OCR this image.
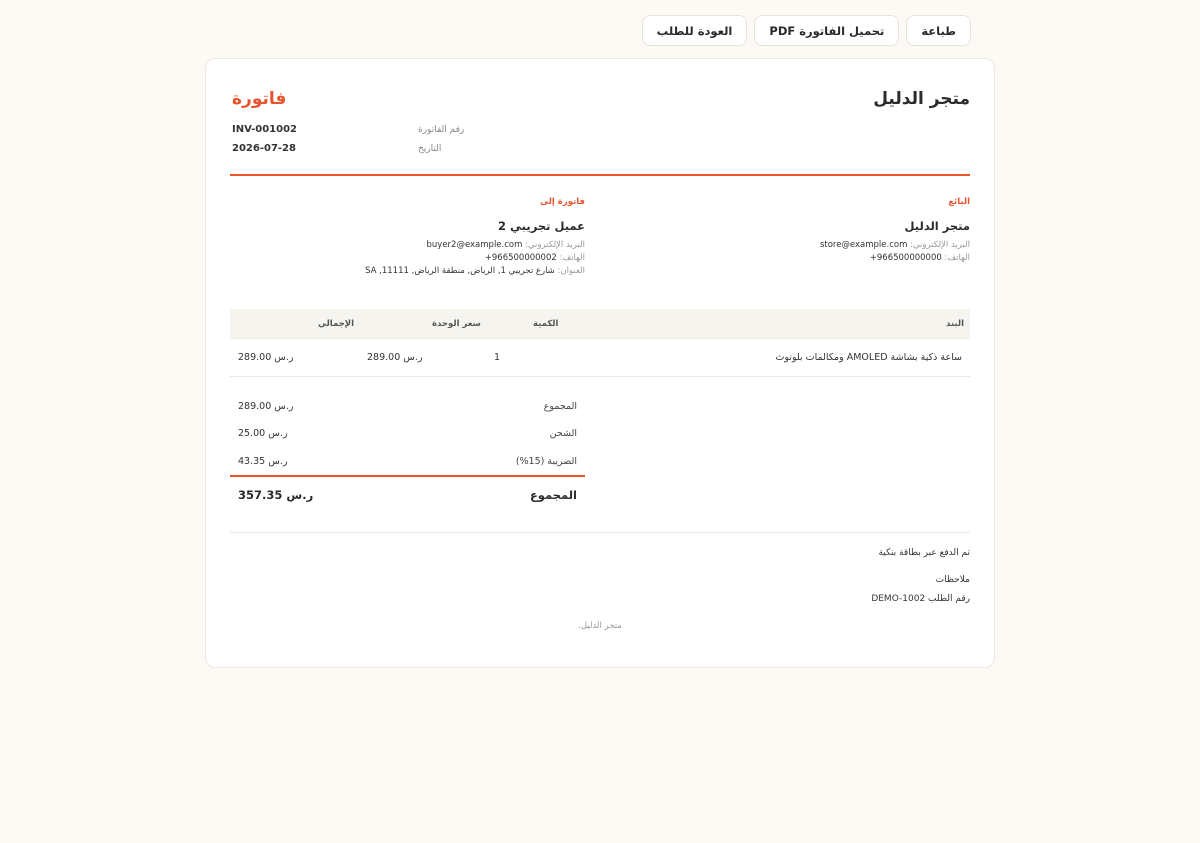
طباعة
تحميل الفاتورة PDF
العودة للطلب
متجر الدليل
فاتورة
INV-001002	رقم الفاتورة
2026-07-28	التاريخ
البائع
متجر الدليل
البريد الإلكتروني: store@example.com
الهاتف: +966500000000
فاتورة إلى
عميل تجريبي 2
البريد الإلكتروني: buyer2@example.com
الهاتف: +966500000002
العنوان: شارع تجريبي 1, الرياض, منطقة الرياض, 11111, SA
البند
الكمية
سعر الوحدة
الإجمالي
ساعة ذكية بشاشة AMOLED ومكالمات بلوتوث
1
289.00 ر.س
289.00 ر.س
المجموع
289.00 ر.س
الشحن
25.00 ر.س
الضريبة (15%)
43.35 ر.س
المجموع
357.35 ر.س
تم الدفع عبر بطاقة بنكية
ملاحظات
رقم الطلب DEMO-1002
متجر الدليل.
